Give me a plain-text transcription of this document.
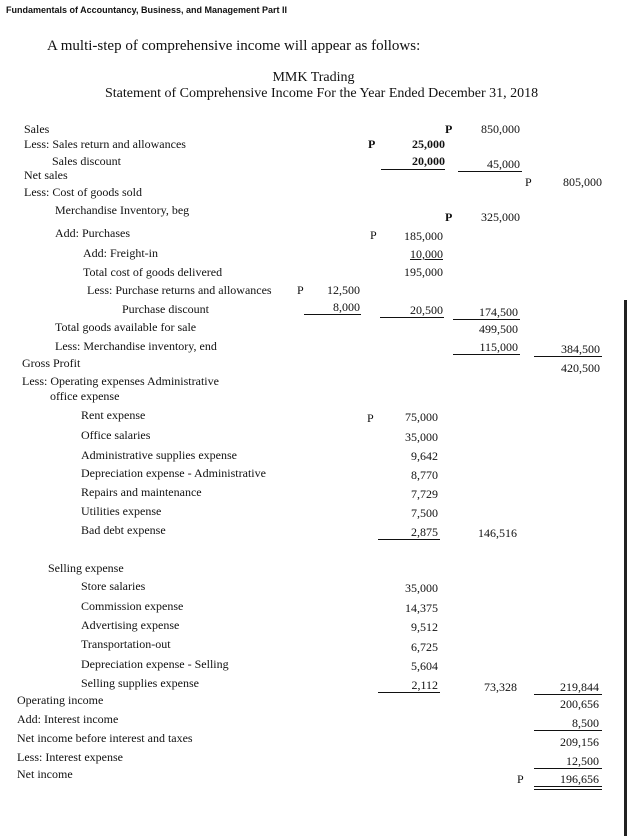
Fundamentals of Accountancy, Business, and Management Part II
A multi-step of comprehensive income will appear as follows:
MMK Trading
Statement of Comprehensive Income For the Year Ended December 31, 2018
Sales	P	850,000
Less: Sales return and allowances	P	25,000
Sales discount	20,000	45,000
Net sales	P	805,000
Less: Cost of goods sold
Merchandise Inventory, beg	P	325,000
Add: Purchases	P	185,000
Add: Freight-in	10,000
Total cost of goods delivered	195,000
Less: Purchase returns and allowances P	12,500
Purchase discount	8,000	20,500	174,500
Total goods available for sale	499,500
Less: Merchandise inventory, end	115,000	384,500
Gross Profit	420,500
Less: Operating expenses Administrative
office expense
P
Rent expense	75,000
Office salaries	35,000
Administrative supplies expense	9,642
Depreciation expense - Administrative	8,770
Repairs and maintenance	7,729
Utilities expense	7,500
Bad debt expense	2,875	146,516
Selling expense
Store salaries	35,000
Commission expense	14,375
Advertising expense	9,512
Transportation-out	6,725
Depreciation expense - Selling	5,604
Selling supplies expense	2,112	73,328	219,844
Operating income	200,656
Add: Interest income	8,500
Net income before interest and taxes	209,156
Less: Interest expense	12,500
Net income	P	196,656
